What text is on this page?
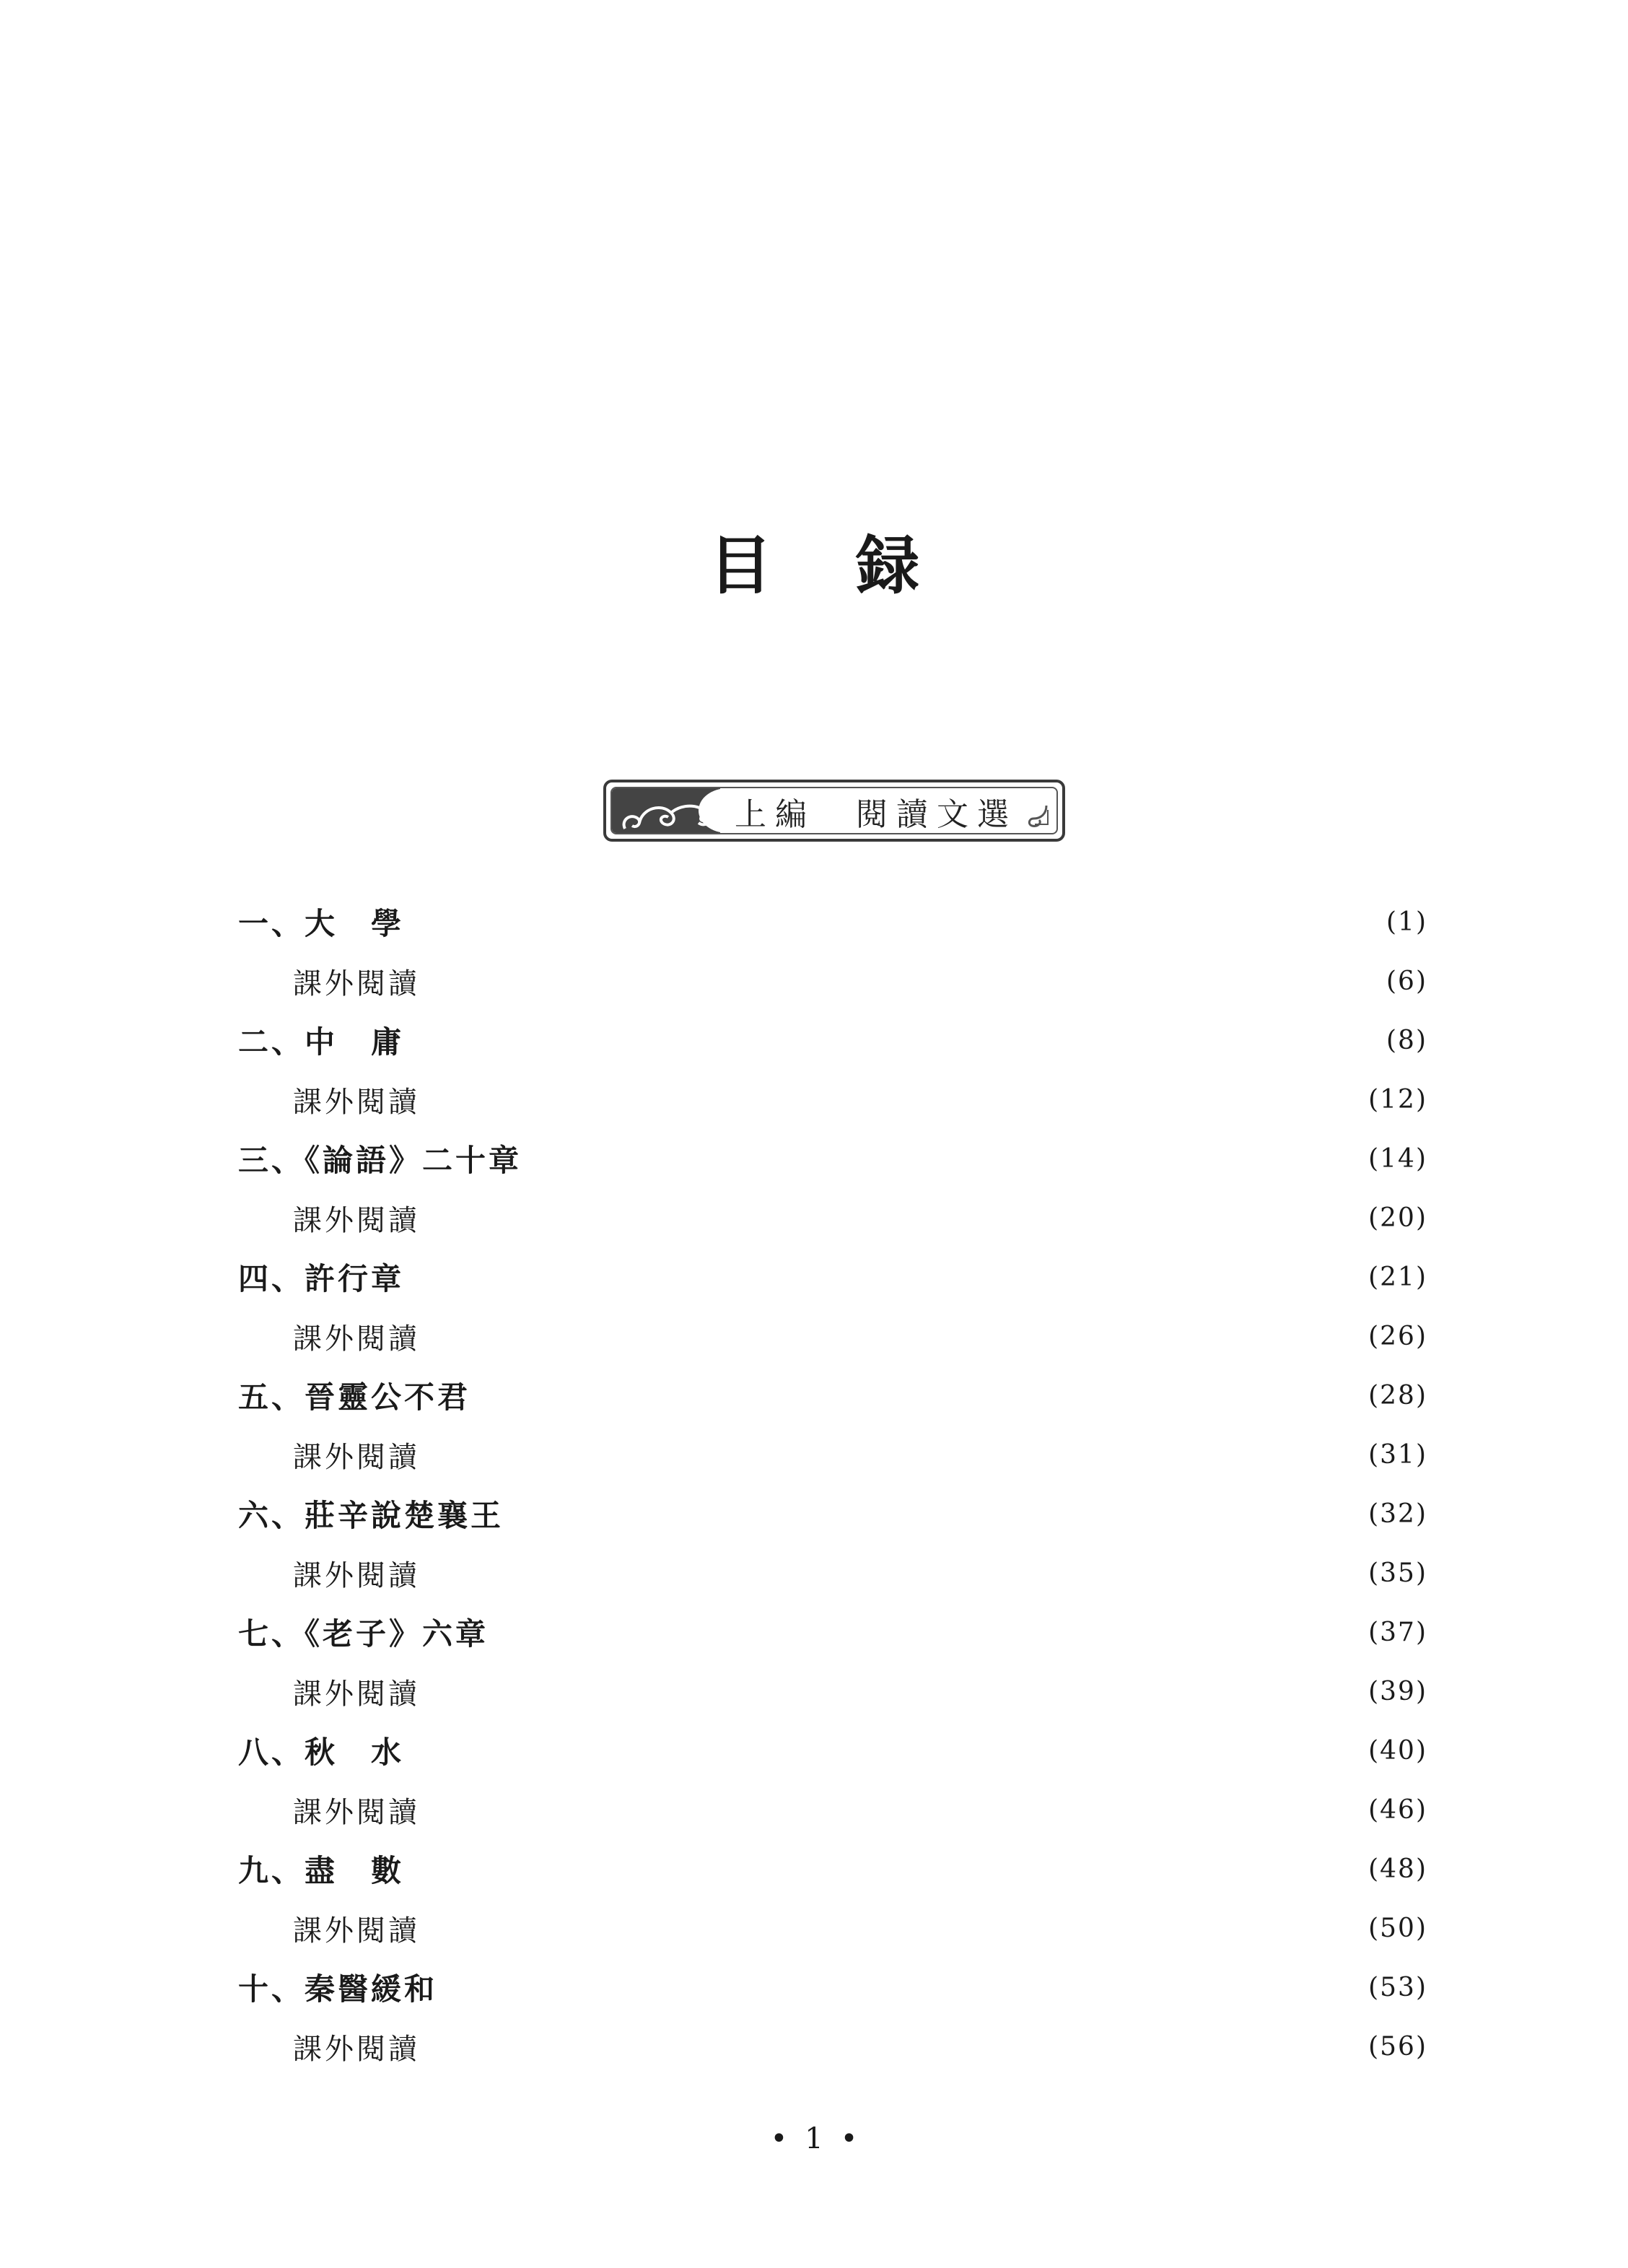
目 録
上編　閱讀文選
一、大　學	(1)
課外閱讀	(6)
二、中　庸	(8)
課外閱讀	(12)
三、《論語》二十章	(14)
課外閱讀	(20)
四、許行章	(21)
課外閱讀	(26)
五、晉靈公不君	(28)
課外閱讀	(31)
六、莊辛說楚襄王	(32)
課外閱讀	(35)
七、《老子》六章	(37)
課外閱讀	(39)
八、秋　水	(40)
課外閱讀	(46)
九、盡　數	(48)
課外閱讀	(50)
十、秦醫緩和	(53)
課外閱讀	(56)
• 1 •
